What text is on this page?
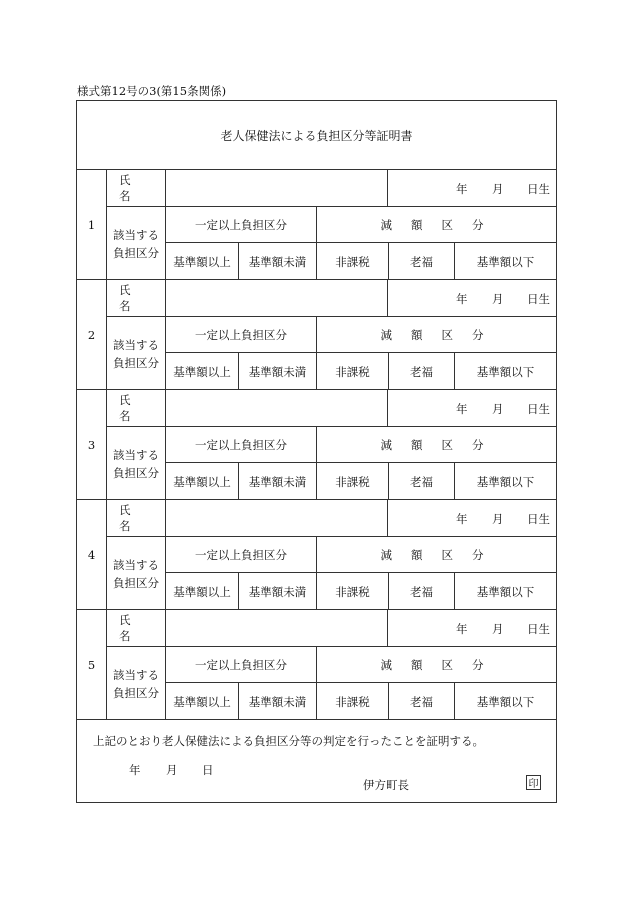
様式第12号の3(第15条関係)
老人保健法による負担区分等証明書
1
氏名	年 月 日生
該当する負担区分
一定以上負担区分	減額区分
基準額以上	基準額未満	非課税	老福	基準額以下
2
氏名	年 月 日生
該当する負担区分
一定以上負担区分	減額区分
基準額以上	基準額未満	非課税	老福	基準額以下
3
氏名	年 月 日生
該当する負担区分
一定以上負担区分	減額区分
基準額以上	基準額未満	非課税	老福	基準額以下
4
氏名	年 月 日生
該当する負担区分
一定以上負担区分	減額区分
基準額以上	基準額未満	非課税	老福	基準額以下
5
氏名	年 月 日生
該当する負担区分
一定以上負担区分	減額区分
基準額以上	基準額未満	非課税	老福	基準額以下
上記のとおり老人保健法による負担区分等の判定を行ったことを証明する。
年 月 日
伊方町長	印
